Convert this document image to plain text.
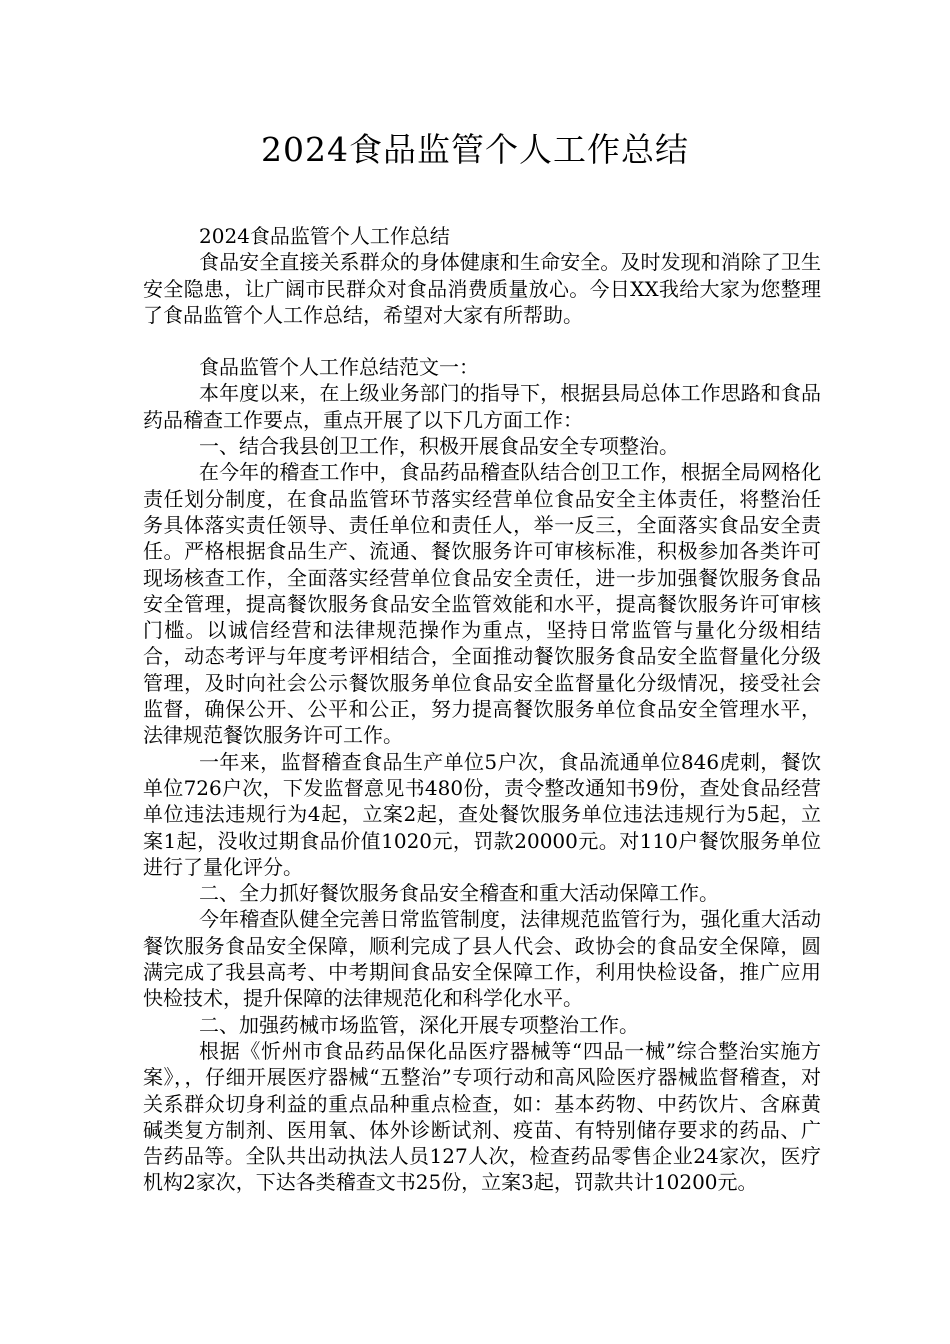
2024食品监管个人工作总结

2024食品监管个人工作总结

食品安全直接关系群众的身体健康和生命安全。及时发现和消除了卫生安全隐患，让广阔市民群众对食品消费质量放心。今日XX我给大家为您整理了食品监管个人工作总结，希望对大家有所帮助。

食品监管个人工作总结范文一：

本年度以来，在上级业务部门的指导下，根据县局总体工作思路和食品药品稽查工作要点，重点开展了以下几方面工作：

一、结合我县创卫工作，积极开展食品安全专项整治。

在今年的稽查工作中，食品药品稽查队结合创卫工作，根据全局网格化责任划分制度，在食品监管环节落实经营单位食品安全主体责任，将整治任务具体落实责任领导、责任单位和责任人，举一反三，全面落实食品安全责任。严格根据食品生产、流通、餐饮服务许可审核标准，积极参加各类许可现场核查工作，全面落实经营单位食品安全责任，进一步加强餐饮服务食品安全管理，提高餐饮服务食品安全监管效能和水平，提高餐饮服务许可审核门槛。以诚信经营和法律规范操作为重点，坚持日常监管与量化分级相结合，动态考评与年度考评相结合，全面推动餐饮服务食品安全监督量化分级管理，及时向社会公示餐饮服务单位食品安全监督量化分级情况，接受社会监督，确保公开、公平和公正，努力提高餐饮服务单位食品安全管理水平，法律规范餐饮服务许可工作。

一年来，监督稽查食品生产单位5户次，食品流通单位846虎刺，餐饮单位726户次，下发监督意见书480份，责令整改通知书9份，查处食品经营单位违法违规行为4起，立案2起，查处餐饮服务单位违法违规行为5起，立案1起，没收过期食品价值1020元，罚款20000元。对110户餐饮服务单位进行了量化评分。

二、全力抓好餐饮服务食品安全稽查和重大活动保障工作。

今年稽查队健全完善日常监管制度，法律规范监管行为，强化重大活动餐饮服务食品安全保障，顺利完成了县人代会、政协会的食品安全保障，圆满完成了我县高考、中考期间食品安全保障工作，利用快检设备，推广应用快检技术，提升保障的法律规范化和科学化水平。

二、加强药械市场监管，深化开展专项整治工作。

根据《忻州市食品药品保化品医疗器械等“四品一械”综合整治实施方案》，，仔细开展医疗器械“五整治”专项行动和高风险医疗器械监督稽查，对关系群众切身利益的重点品种重点检查，如：基本药物、中药饮片、含麻黄碱类复方制剂、医用氧、体外诊断试剂、疫苗、有特别储存要求的药品、广告药品等。全队共出动执法人员127人次，检查药品零售企业24家次，医疗机构2家次，下达各类稽查文书25份，立案3起，罚款共计10200元。
